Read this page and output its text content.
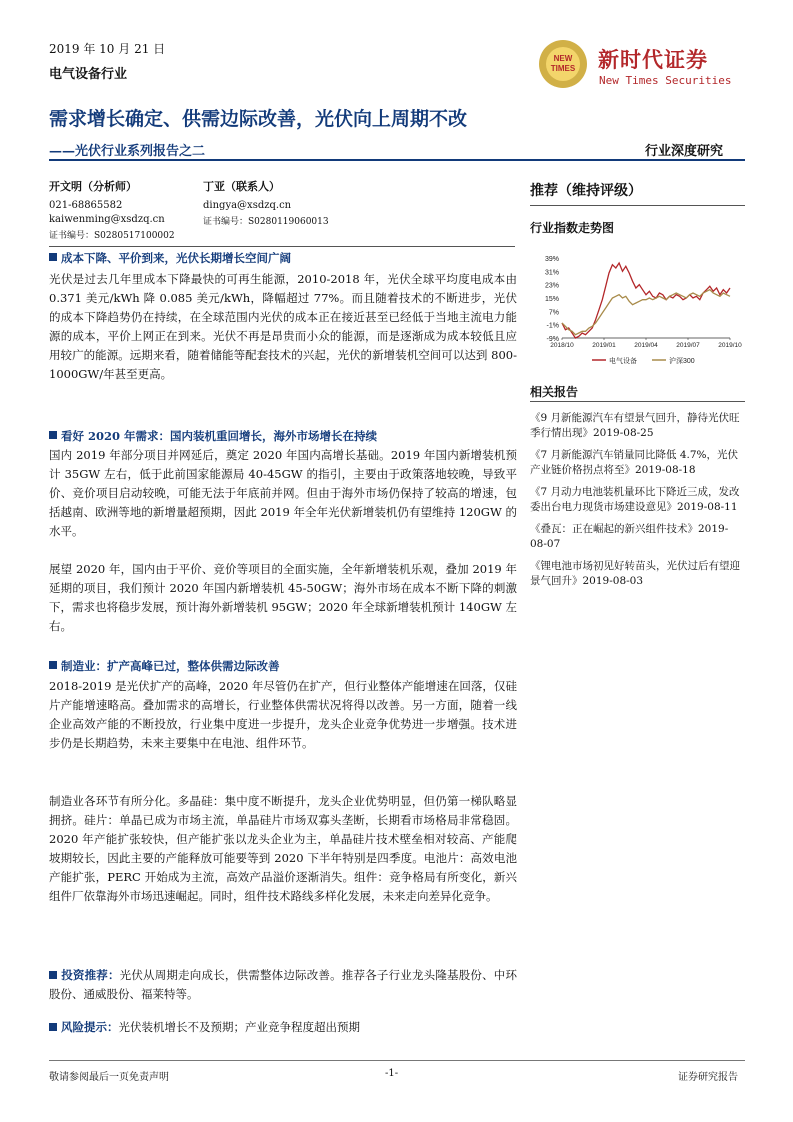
2019 年 10 月 21 日
电气设备行业
NEW
TIMES 新时代证券
New Times Securities
需求增长确定、供需边际改善，光伏向上周期不改
——光伏行业系列报告之二	行业深度研究
开文明（分析师）
021-68865582
kaiwenming@xsdzq.cn
证书编号：S0280517100002
丁亚（联系人）
dingya@xsdzq.cn
证书编号：S0280119060013
成本下降、平价到来，光伏长期增长空间广阔
光伏是过去几年里成本下降最快的可再生能源，2010-2018 年，光伏全球平均度电成本由 0.371 美元/kWh 降 0.085 美元/kWh，降幅超过 77%。而且随着技术的不断进步，光伏的成本下降趋势仍在持续，在全球范围内光伏的成本正在接近甚至已经低于当地主流电力能源的成本，平价上网正在到来。光伏不再是昂贵而小众的能源，而是逐渐成为成本较低且应用较广的能源。远期来看，随着储能等配套技术的兴起，光伏的新增装机空间可以达到 800-1000GW/年甚至更高。
看好 2020 年需求：国内装机重回增长，海外市场增长在持续
国内 2019 年部分项目并网延后，奠定 2020 年国内高增长基础。2019 年国内新增装机预计 35GW 左右，低于此前国家能源局 40-45GW 的指引，主要由于政策落地较晚，导致平价、竞价项目启动较晚，可能无法于年底前并网。但由于海外市场仍保持了较高的增速，包括越南、欧洲等地的新增量超预期，因此 2019 年全年光伏新增装机仍有望维持 120GW 的水平。
展望 2020 年，国内由于平价、竞价等项目的全面实施，全年新增装机乐观，叠加 2019 年延期的项目，我们预计 2020 年国内新增装机 45-50GW；海外市场在成本不断下降的刺激下，需求也将稳步发展，预计海外新增装机 95GW；2020 年全球新增装机预计 140GW 左右。
制造业：扩产高峰已过，整体供需边际改善
2018-2019 是光伏扩产的高峰，2020 年尽管仍在扩产，但行业整体产能增速在回落，仅硅片产能增速略高。叠加需求的高增长，行业整体供需状况将得以改善。另一方面，随着一线企业高效产能的不断投放，行业集中度进一步提升，龙头企业竞争优势进一步增强。技术进步仍是长期趋势，未来主要集中在电池、组件环节。
制造业各环节有所分化。多晶硅：集中度不断提升，龙头企业优势明显，但仍第一梯队略显拥挤。硅片：单晶已成为市场主流，单晶硅片市场双寡头垄断，长期看市场格局非常稳固。2020 年产能扩张较快，但产能扩张以龙头企业为主，单晶硅片技术壁垒相对较高、产能爬坡期较长，因此主要的产能释放可能要等到 2020 下半年特别是四季度。电池片：高效电池产能扩张，PERC 开始成为主流，高效产品溢价逐渐消失。组件：竞争格局有所变化，新兴组件厂依靠海外市场迅速崛起。同时，组件技术路线多样化发展，未来走向差异化竞争。
投资推荐：光伏从周期走向成长，供需整体边际改善。推荐各子行业龙头隆基股份、中环股份、通威股份、福莱特等。
风险提示：光伏装机增长不及预期；产业竞争程度超出预期
推荐（维持评级）
行业指数走势图
39%
31%
23%
15%
7%
-1%
-9%
2018/10	2019/01	2019/04	2019/07	2019/10
电气设备	沪深300
相关报告
《9 月新能源汽车有望景气回升，静待光伏旺季行情出现》2019-08-25
《7 月新能源汽车销量同比降低 4.7%，光伏产业链价格拐点将至》2019-08-18
《7 月动力电池装机量环比下降近三成，发改委出台电力现货市场建设意见》2019-08-11
《叠瓦：正在崛起的新兴组件技术》2019-08-07
《锂电池市场初见好转苗头，光伏过后有望迎景气回升》2019-08-03
敬请参阅最后一页免责声明	-1-	证券研究报告
